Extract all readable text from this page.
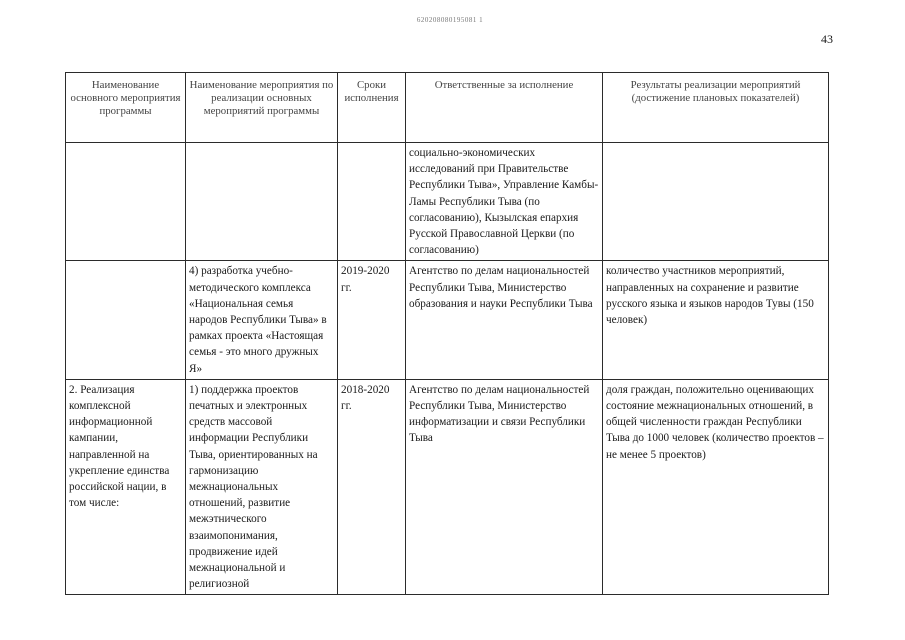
620208080195081 1
43
Наименование основного мероприятия программы	Наименование мероприятия по реализации основных мероприятий программы	Сроки исполнения	Ответственные за исполнение	Результаты реализации мероприятий (достижение плановых показателей)
			социально-экономических исследований при Правительстве Республики Тыва», Управление Камбы-Ламы Республики Тыва (по согласованию), Кызылская епархия Русской Православной Церкви (по согласованию)	
	4) разработка учебно-методического комплекса «Национальная семья народов Республики Тыва» в рамках проекта «Настоящая семья - это много дружных Я»	2019-2020 гг.	Агентство по делам национальностей Республики Тыва, Министерство образования и науки Республики Тыва	количество участников мероприятий, направленных на сохранение и развитие русского языка и языков народов Тувы (150 человек)
2. Реализация комплексной информационной кампании, направленной на укрепление единства российской нации, в том числе:	1) поддержка проектов печатных и электронных средств массовой информации Республики Тыва, ориентированных на гармонизацию межнациональных отношений, развитие межэтнического взаимопонимания, продвижение идей межнациональной и религиозной	2018-2020 гг.	Агентство по делам национальностей Республики Тыва, Министерство информатизации и связи Республики Тыва	доля граждан, положительно оценивающих состояние межнациональных отношений, в общей численности граждан Республики Тыва до 1000 человек (количество проектов – не менее 5 проектов)
